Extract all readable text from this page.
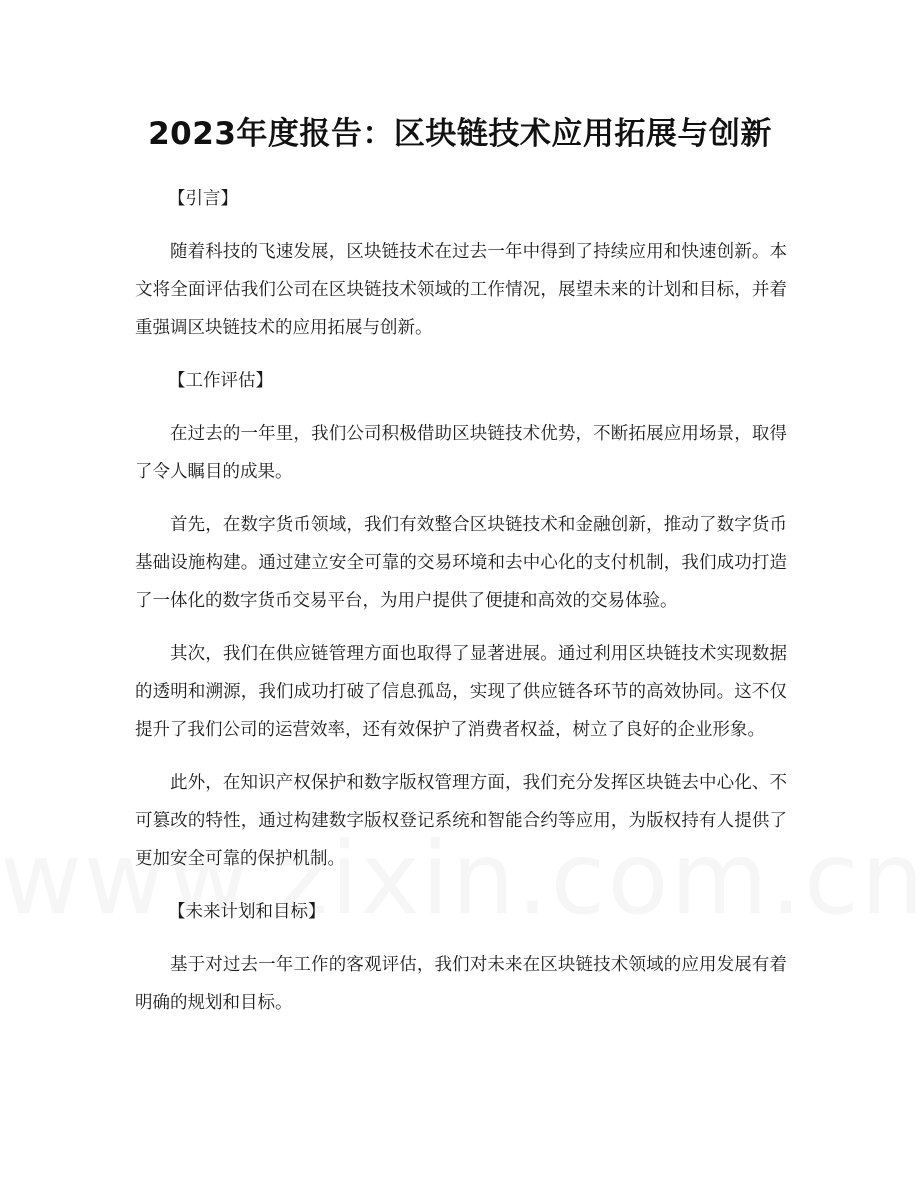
2023年度报告：区块链技术应用拓展与创新
【引言】

随着科技的飞速发展，区块链技术在过去一年中得到了持续应用和快速创新。本文将全面评估我们公司在区块链技术领域的工作情况，展望未来的计划和目标，并着重强调区块链技术的应用拓展与创新。

【工作评估】

在过去的一年里，我们公司积极借助区块链技术优势，不断拓展应用场景，取得了令人瞩目的成果。

首先，在数字货币领域，我们有效整合区块链技术和金融创新，推动了数字货币基础设施构建。通过建立安全可靠的交易环境和去中心化的支付机制，我们成功打造了一体化的数字货币交易平台，为用户提供了便捷和高效的交易体验。

其次，我们在供应链管理方面也取得了显著进展。通过利用区块链技术实现数据的透明和溯源，我们成功打破了信息孤岛，实现了供应链各环节的高效协同。这不仅提升了我们公司的运营效率，还有效保护了消费者权益，树立了良好的企业形象。

此外，在知识产权保护和数字版权管理方面，我们充分发挥区块链去中心化、不可篡改的特性，通过构建数字版权登记系统和智能合约等应用，为版权持有人提供了更加安全可靠的保护机制。

【未来计划和目标】

基于对过去一年工作的客观评估，我们对未来在区块链技术领域的应用发展有着明确的规划和目标。
